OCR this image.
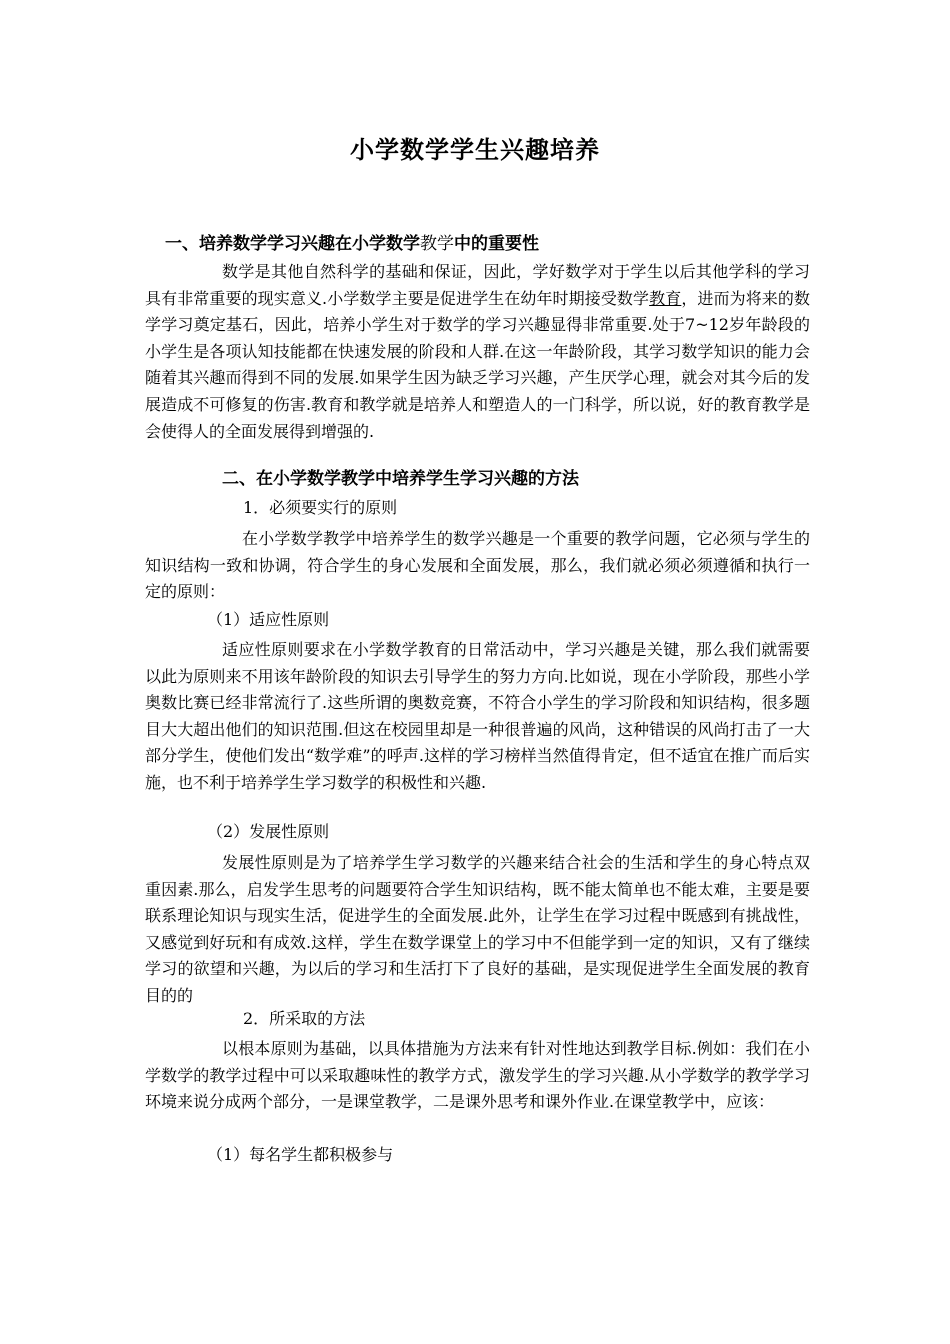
小学数学学生兴趣培养
一、培养数学学习兴趣在小学数学教学中的重要性
数学是其他自然科学的基础和保证，因此，学好数学对于学生以后其他学科的学习具有非常重要的现实意义.小学数学主要是促进学生在幼年时期接受数学教育，进而为将来的数学学习奠定基石，因此，培养小学生对于数学的学习兴趣显得非常重要.处于7~12岁年龄段的小学生是各项认知技能都在快速发展的阶段和人群.在这一年龄阶段，其学习数学知识的能力会随着其兴趣而得到不同的发展.如果学生因为缺乏学习兴趣，产生厌学心理，就会对其今后的发展造成不可修复的伤害.教育和教学就是培养人和塑造人的一门科学，所以说，好的教育教学是会使得人的全面发展得到增强的.
二、在小学数学教学中培养学生学习兴趣的方法
1．必须要实行的原则
在小学数学教学中培养学生的数学兴趣是一个重要的教学问题，它必须与学生的知识结构一致和协调，符合学生的身心发展和全面发展，那么，我们就必须必须遵循和执行一定的原则：
（1）适应性原则
适应性原则要求在小学数学教育的日常活动中，学习兴趣是关键，那么我们就需要以此为原则来不用该年龄阶段的知识去引导学生的努力方向.比如说，现在小学阶段，那些小学奥数比赛已经非常流行了.这些所谓的奥数竞赛，不符合小学生的学习阶段和知识结构，很多题目大大超出他们的知识范围.但这在校园里却是一种很普遍的风尚，这种错误的风尚打击了一大部分学生，使他们发出“数学难”的呼声.这样的学习榜样当然值得肯定，但不适宜在推广而后实施，也不利于培养学生学习数学的积极性和兴趣.
（2）发展性原则
发展性原则是为了培养学生学习数学的兴趣来结合社会的生活和学生的身心特点双重因素.那么，启发学生思考的问题要符合学生知识结构，既不能太简单也不能太难，主要是要联系理论知识与现实生活，促进学生的全面发展.此外，让学生在学习过程中既感到有挑战性，又感觉到好玩和有成效.这样，学生在数学课堂上的学习中不但能学到一定的知识，又有了继续学习的欲望和兴趣，为以后的学习和生活打下了良好的基础，是实现促进学生全面发展的教育目的的
2．所采取的方法
以根本原则为基础，以具体措施为方法来有针对性地达到教学目标.例如：我们在小学数学的教学过程中可以采取趣味性的教学方式，激发学生的学习兴趣.从小学数学的教学学习环境来说分成两个部分，一是课堂教学，二是课外思考和课外作业.在课堂教学中，应该：
（1）每名学生都积极参与
